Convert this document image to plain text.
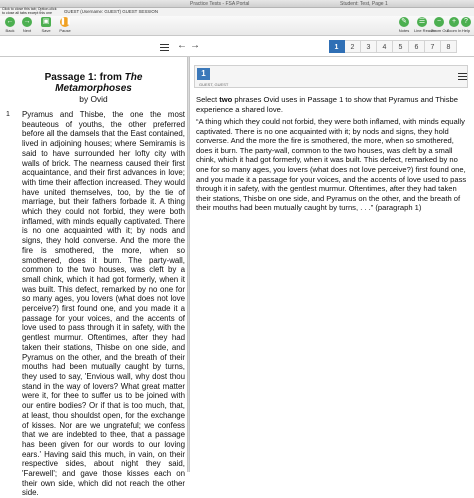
Practice Tests - FSA Portal	Student: Test, Page 1
Click to close this tab; Option-click to close all tabs except this one	GUEST (Username: GUEST) GUEST SESSION
←
Back
→
Next
▣
Save
❚❚
Pause
✎
Notes
☰
Line Reader
−
Zoom Out
+
Zoom In
?
Help
← →	1	2	3	4	5	6	7	8
Passage 1: from The Metamorphoses
by Ovid
1 Pyramus and Thisbe, the one the most beauteous of youths, the other preferred before all the damsels that the East contained, lived in adjoining houses; where Semiramis is said to have surrounded her lofty city with walls of brick. The nearness caused their first acquaintance, and their first advances in love; with time their affection increased. They would have united themselves, too, by the tie of marriage, but their fathers forbade it. A thing which they could not forbid, they were both inflamed, with minds equally captivated. There is no one acquainted with it; by nods and signs, they hold converse. And the more the fire is smothered, the more, when so smothered, does it burn. The party-wall, common to the two houses, was cleft by a small chink, which it had got formerly, when it was built. This defect, remarked by no one for so many ages, you lovers (what does not love perceive?) first found one, and you made it a passage for your voices, and the accents of love used to pass through it in safety, with the gentlest murmur. Oftentimes, after they had taken their stations, Thisbe on one side, and Pyramus on the other, and the breath of their mouths had been mutually caught by turns, they used to say, 'Envious wall, why dost thou stand in the way of lovers? What great matter were it, for thee to suffer us to be joined with our entire bodies? Or if that is too much, that, at least, thou shouldst open, for the exchange of kisses. Nor are we ungrateful; we confess that we are indebted to thee, that a passage has been given for our words to our loving ears.' Having said this much, in vain, on their respective sides, about night they said, 'Farewell'; and gave those kisses each on their own side, which did not reach the other side.
1
GUEST, GUEST
Select two phrases Ovid uses in Passage 1 to show that Pyramus and Thisbe experience a shared love.
“A thing which they could not forbid, they were both inflamed, with minds equally captivated. There is no one acquainted with it; by nods and signs, they hold converse. And the more the fire is smothered, the more, when so smothered, does it burn. The party-wall, common to the two houses, was cleft by a small chink, which it had got formerly, when it was built. This defect, remarked by no one for so many ages, you lovers (what does not love perceive?) first found one, and you made it a passage for your voices, and the accents of love used to pass through it in safety, with the gentlest murmur. Oftentimes, after they had taken their stations, Thisbe on one side, and Pyramus on the other, and the breath of their mouths had been mutually caught by turns, . . .” (paragraph 1)
